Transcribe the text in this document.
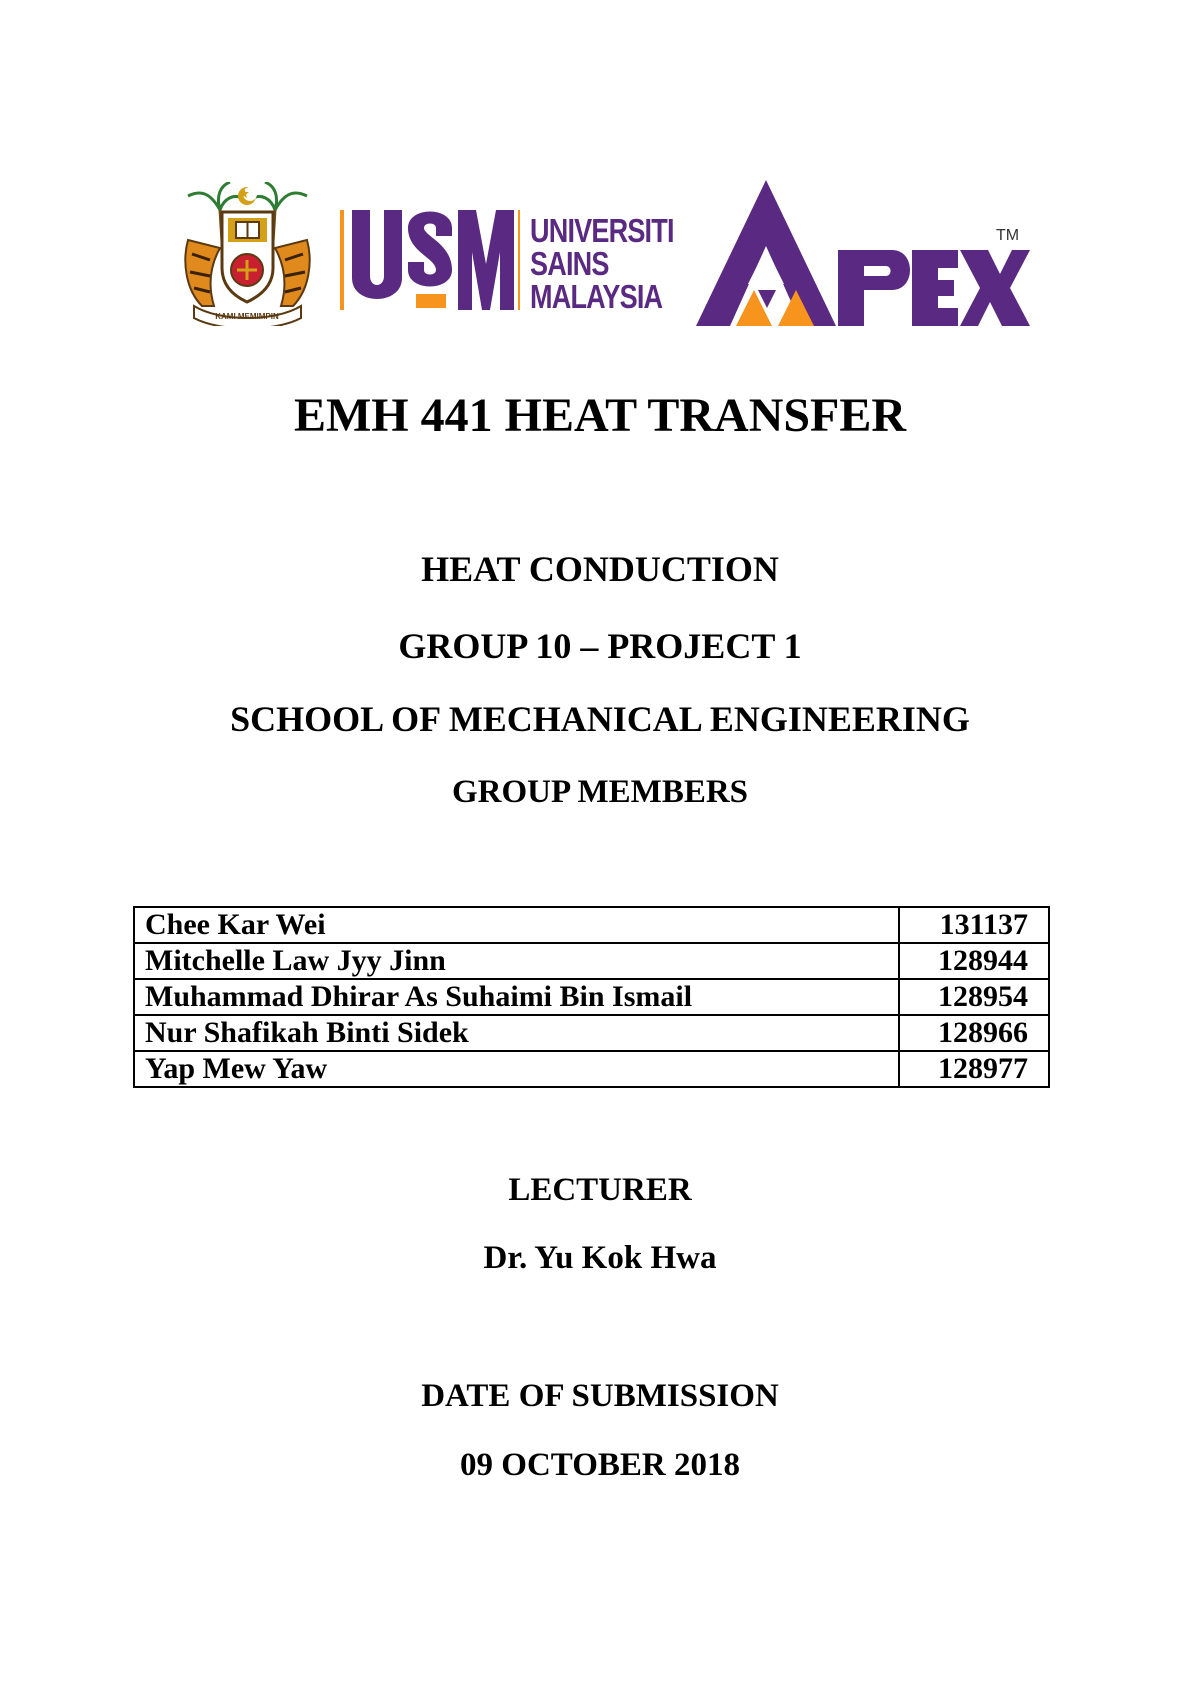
KAMI MEMIMPIN
UNIVERSITI
SAINS
MALAYSIA
TM
EMH 441 HEAT TRANSFER
HEAT CONDUCTION
GROUP 10 – PROJECT 1
SCHOOL OF MECHANICAL ENGINEERING
GROUP MEMBERS
Chee Kar Wei	131137
Mitchelle Law Jyy Jinn	128944
Muhammad Dhirar As Suhaimi Bin Ismail	128954
Nur Shafikah Binti Sidek	128966
Yap Mew Yaw	128977
LECTURER
Dr. Yu Kok Hwa
DATE OF SUBMISSION
09 OCTOBER 2018
